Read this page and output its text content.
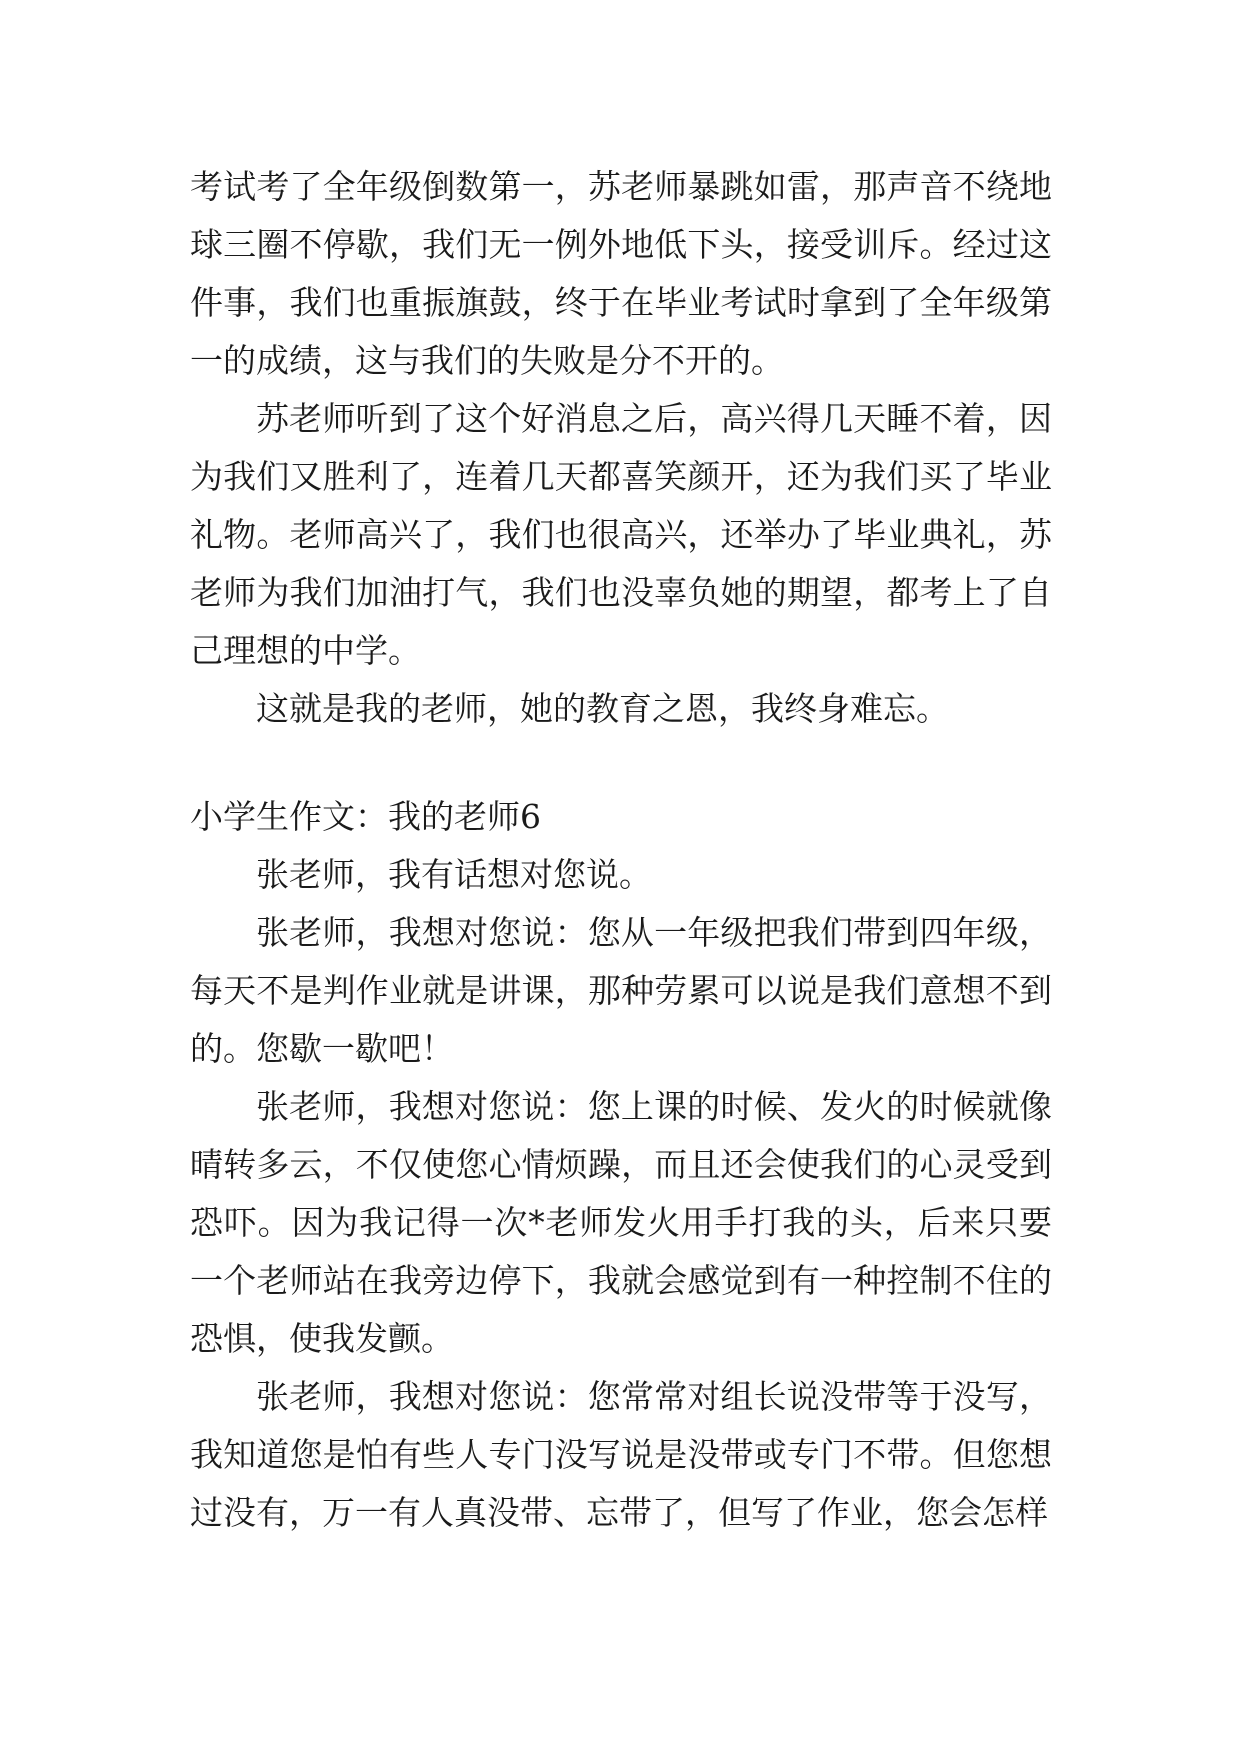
考试考了全年级倒数第一，苏老师暴跳如雷，那声音不绕地
球三圈不停歇，我们无一例外地低下头，接受训斥。经过这
件事，我们也重振旗鼓，终于在毕业考试时拿到了全年级第
一的成绩，这与我们的失败是分不开的。
苏老师听到了这个好消息之后，高兴得几天睡不着，因
为我们又胜利了，连着几天都喜笑颜开，还为我们买了毕业
礼物。老师高兴了，我们也很高兴，还举办了毕业典礼，苏
老师为我们加油打气，我们也没辜负她的期望，都考上了自
己理想的中学。
这就是我的老师，她的教育之恩，我终身难忘。
小学生作文：我的老师6
张老师，我有话想对您说。
张老师，我想对您说：您从一年级把我们带到四年级，
每天不是判作业就是讲课，那种劳累可以说是我们意想不到
的。您歇一歇吧！
张老师，我想对您说：您上课的时候、发火的时候就像
晴转多云，不仅使您心情烦躁，而且还会使我们的心灵受到
恐吓。因为我记得一次*老师发火用手打我的头，后来只要
一个老师站在我旁边停下，我就会感觉到有一种控制不住的
恐惧，使我发颤。
张老师，我想对您说：您常常对组长说没带等于没写，
我知道您是怕有些人专门没写说是没带或专门不带。但您想
过没有，万一有人真没带、忘带了，但写了作业，您会怎样
